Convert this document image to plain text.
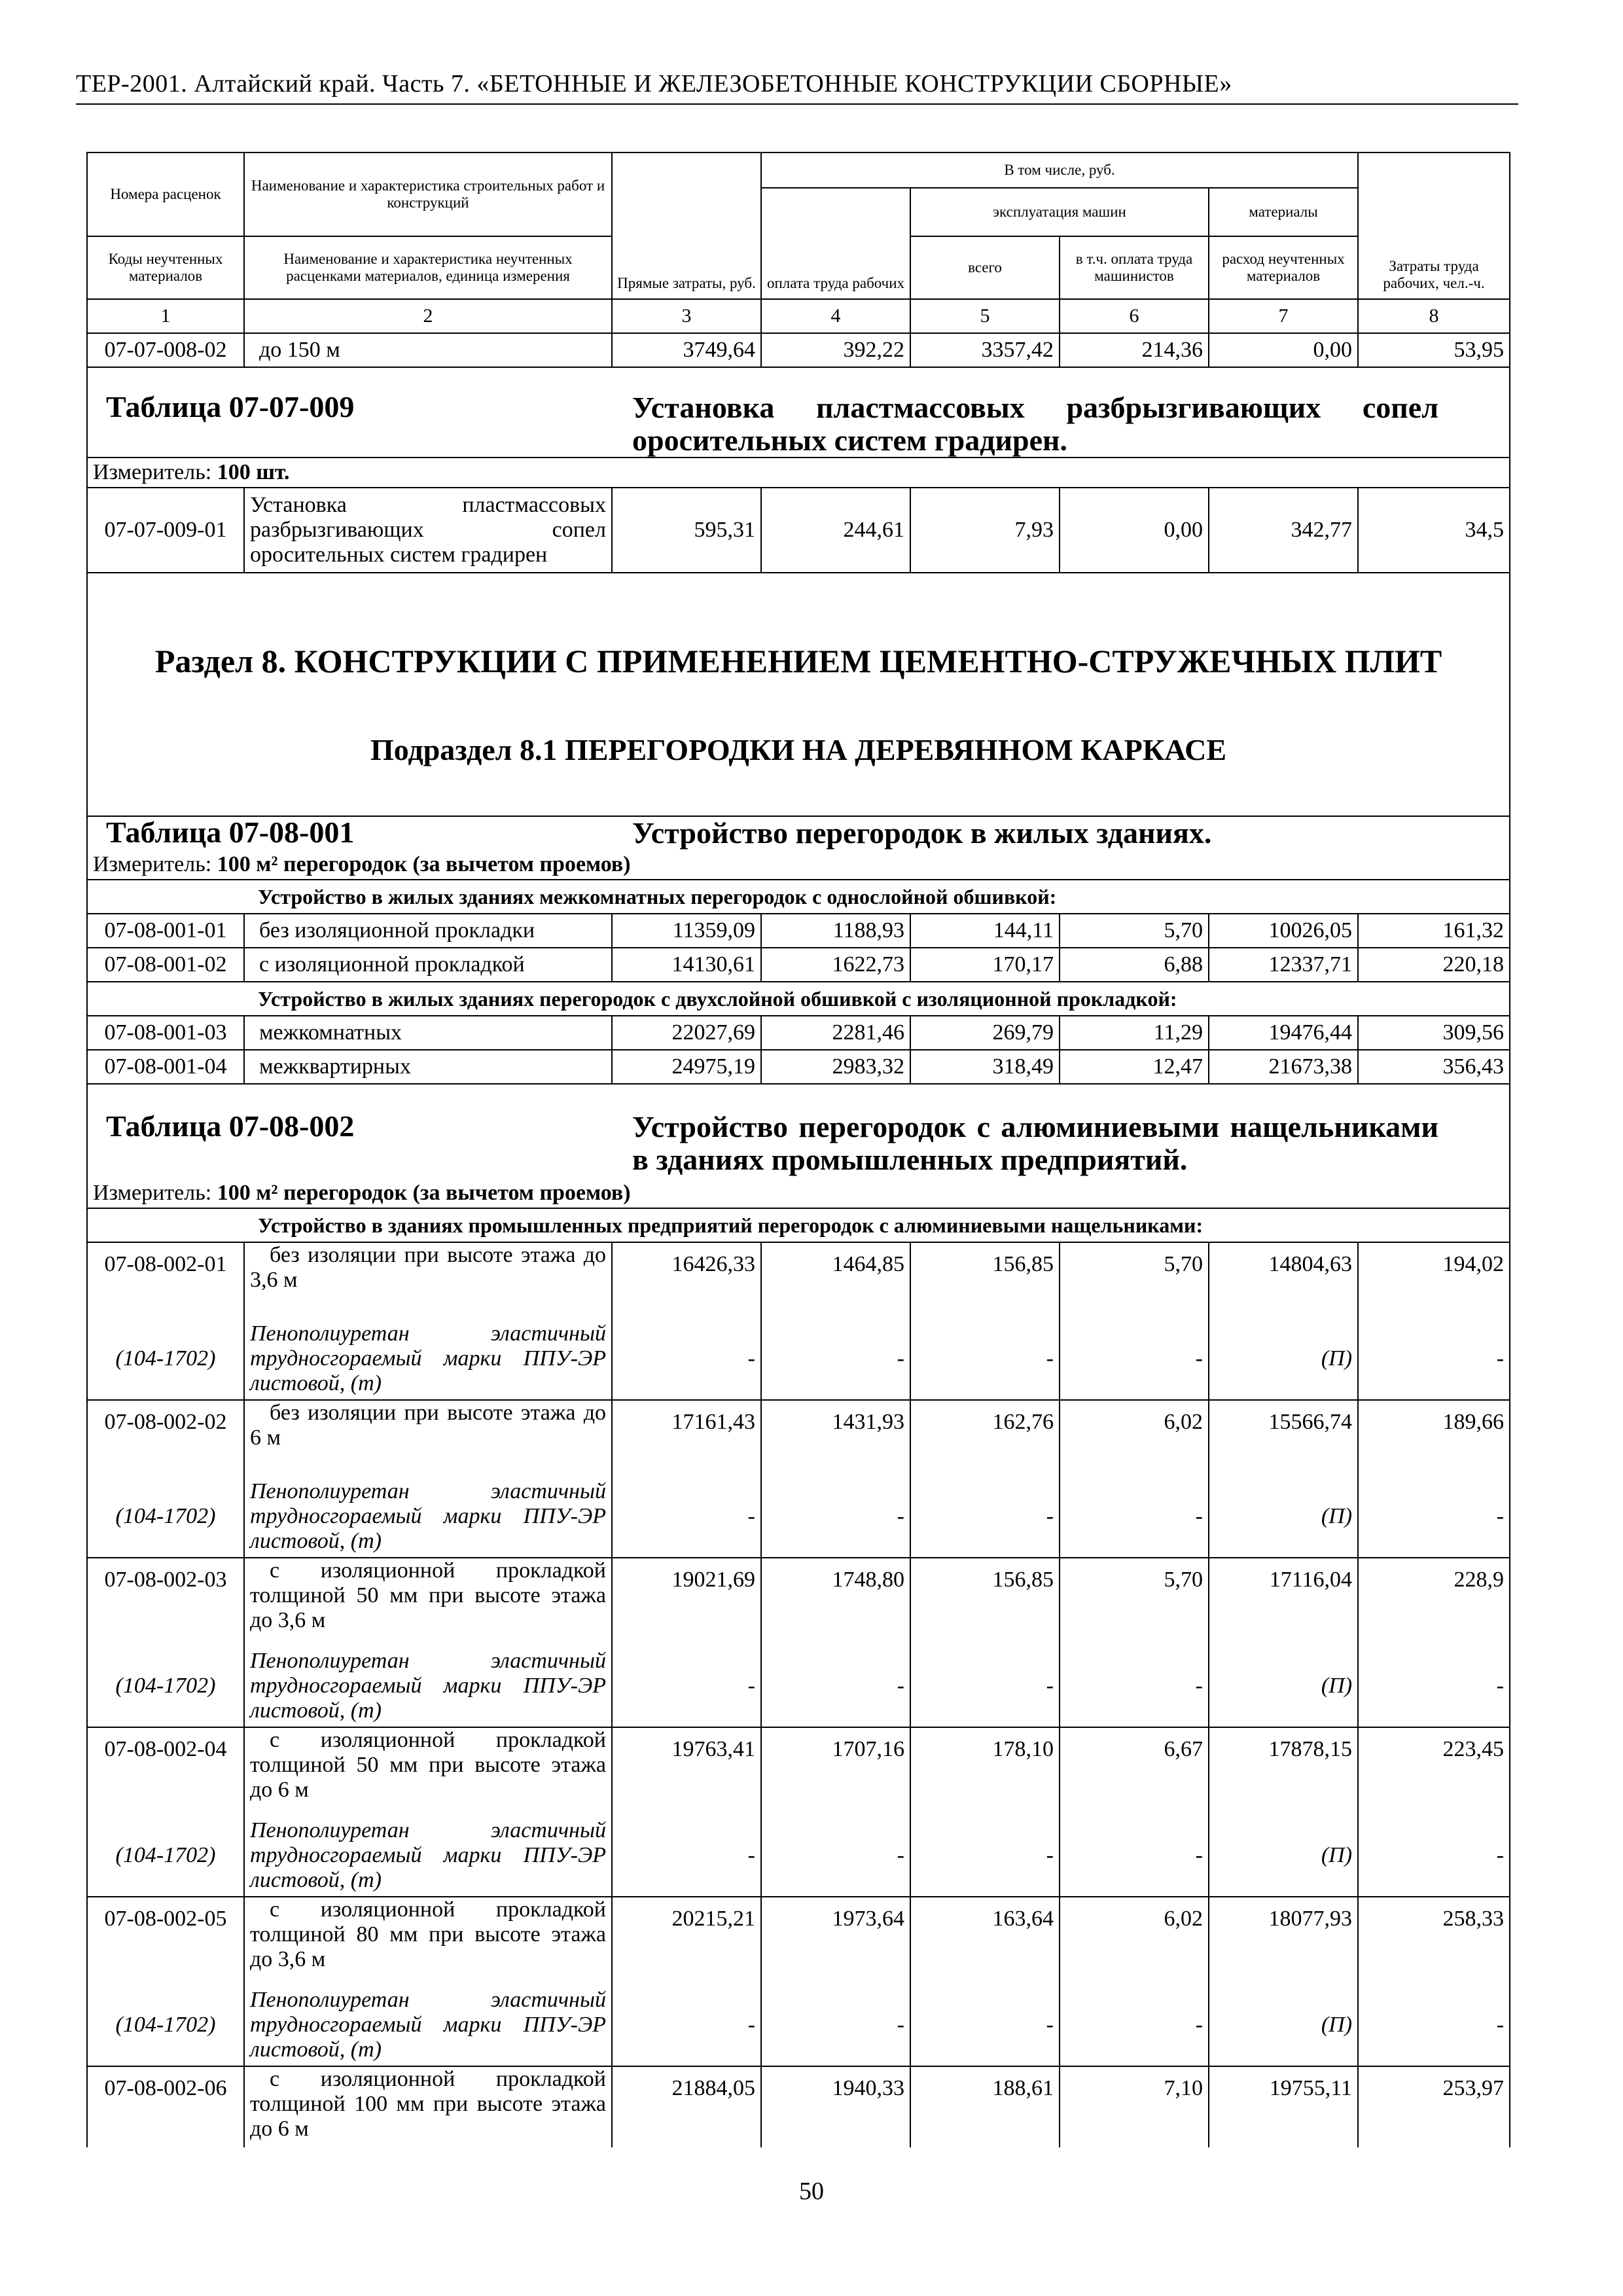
ТЕР-2001. Алтайский край. Часть 7. «БЕТОННЫЕ И ЖЕЛЕЗОБЕТОННЫЕ КОНСТРУКЦИИ СБОРНЫЕ»
Номера расценок	Наименование и характеристика строительных работ и конструкций	Прямые затраты, руб.	В том числе, руб.				Затраты труда рабочих, чел.-ч.
			оплата труда рабочих	эксплуатация машин		материалы	
Коды неучтенных материалов	Наименование и характеристика неучтенных расценками материалов, единица измерения			всего	в т.ч. оплата труда машинистов	расход неучтенных материалов	
1	2	3	4	5	6	7	8
07-07-008-02	до 150 м	3749,64	392,22	3357,42	214,36	0,00	53,95

Таблица 07-07-009 Установка пластмассовых разбрызгивающих сопел оросительных систем градирен.							

Измеритель: 100 шт.							
07-07-009-01	Установка пластмассовых разбрызгивающих сопел оросительных систем градирен	595,31	244,61	7,93	0,00	342,77	34,5

Раздел 8. КОНСТРУКЦИИ С ПРИМЕНЕНИЕМ ЦЕМЕНТНО-СТРУЖЕЧНЫХ ПЛИТ
Подраздел 8.1 ПЕРЕГОРОДКИ НА ДЕРЕВЯННОМ КАРКАСЕ							

Таблица 07-08-001 Устройство перегородок в жилых зданиях.							

Измеритель: 100 м² перегородок (за вычетом проемов)							
Устройство в жилых зданиях межкомнатных перегородок с однослойной обшивкой:							
07-08-001-01	без изоляционной прокладки	11359,09	1188,93	144,11	5,70	10026,05	161,32
07-08-001-02	с изоляционной прокладкой	14130,61	1622,73	170,17	6,88	12337,71	220,18
Устройство в жилых зданиях перегородок с двухслойной обшивкой с изоляционной прокладкой:							
07-08-001-03	межкомнатных	22027,69	2281,46	269,79	11,29	19476,44	309,56
07-08-001-04	межквартирных	24975,19	2983,32	318,49	12,47	21673,38	356,43

Таблица 07-08-002 Устройство перегородок с алюминиевыми нащельниками в зданиях промышленных предприятий.							

Измеритель: 100 м² перегородок (за вычетом проемов)							
Устройство в зданиях промышленных предприятий перегородок с алюминиевыми нащельниками:							
07-08-002-01	без изоляции при высоте этажа до 3,6 м	16426,33	1464,85	156,85	5,70	14804,63	194,02
(104-1702)	Пенополиуретан эластичный трудносгораемый марки ППУ-ЭР листовой, (т)	-	-	-	-	(П)	-
07-08-002-02	без изоляции при высоте этажа до 6 м	17161,43	1431,93	162,76	6,02	15566,74	189,66
(104-1702)	Пенополиуретан эластичный трудносгораемый марки ППУ-ЭР листовой, (т)	-	-	-	-	(П)	-
07-08-002-03	с изоляционной прокладкой толщиной 50 мм при высоте этажа до 3,6 м	19021,69	1748,80	156,85	5,70	17116,04	228,9
(104-1702)	Пенополиуретан эластичный трудносгораемый марки ППУ-ЭР листовой, (т)	-	-	-	-	(П)	-
07-08-002-04	с изоляционной прокладкой толщиной 50 мм при высоте этажа до 6 м	19763,41	1707,16	178,10	6,67	17878,15	223,45
(104-1702)	Пенополиуретан эластичный трудносгораемый марки ППУ-ЭР листовой, (т)	-	-	-	-	(П)	-
07-08-002-05	с изоляционной прокладкой толщиной 80 мм при высоте этажа до 3,6 м	20215,21	1973,64	163,64	6,02	18077,93	258,33
(104-1702)	Пенополиуретан эластичный трудносгораемый марки ППУ-ЭР листовой, (т)	-	-	-	-	(П)	-
07-08-002-06	с изоляционной прокладкой толщиной 100 мм при высоте этажа до 6 м	21884,05	1940,33	188,61	7,10	19755,11	253,97
50
